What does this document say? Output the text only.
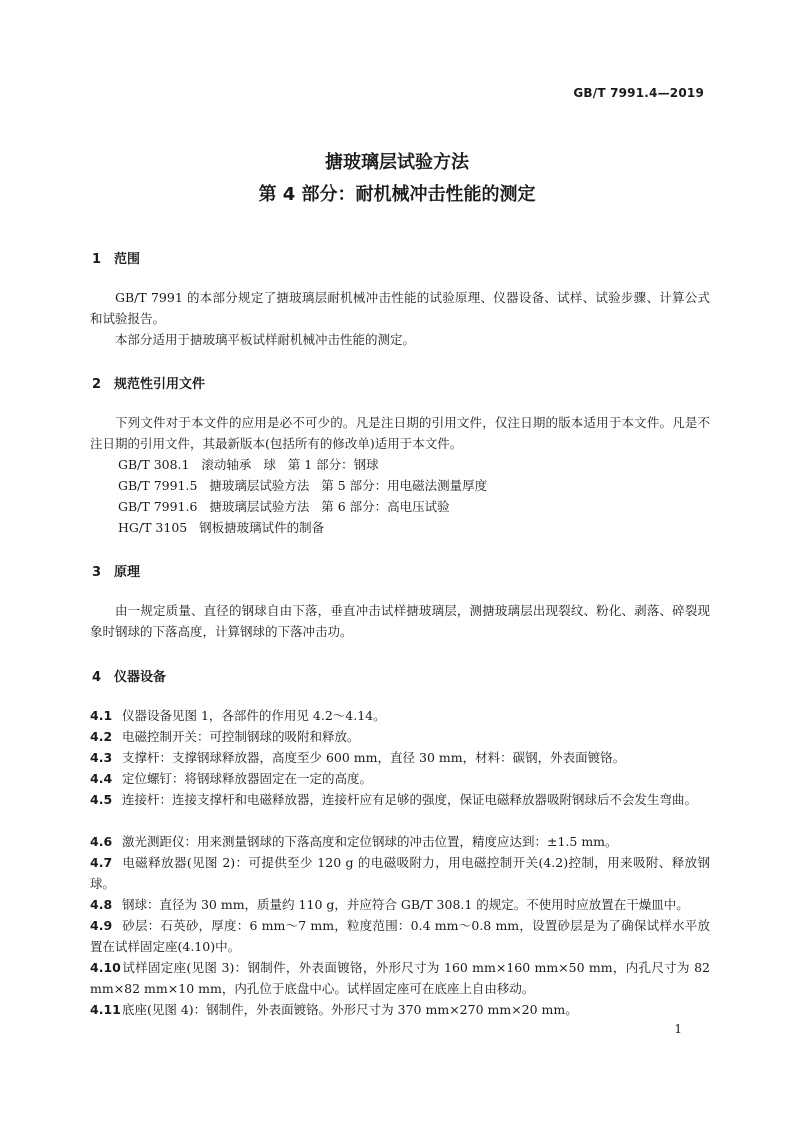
GB/T 7991.4—2019
搪玻璃层试验方法
第 4 部分：耐机械冲击性能的测定
1 范围
GB/T 7991 的本部分规定了搪玻璃层耐机械冲击性能的试验原理、仪器设备、试样、试验步骤、计算公式和试验报告。
本部分适用于搪玻璃平板试样耐机械冲击性能的测定。
2 规范性引用文件
下列文件对于本文件的应用是必不可少的。凡是注日期的引用文件，仅注日期的版本适用于本文件。凡是不注日期的引用文件，其最新版本(包括所有的修改单)适用于本文件。
GB/T 308.1   滚动轴承   球   第 1 部分：钢球
GB/T 7991.5   搪玻璃层试验方法   第 5 部分：用电磁法测量厚度
GB/T 7991.6   搪玻璃层试验方法   第 6 部分：高电压试验
HG/T 3105   钢板搪玻璃试件的制备
3 原理
由一规定质量、直径的钢球自由下落，垂直冲击试样搪玻璃层，测搪玻璃层出现裂纹、粉化、剥落、碎裂现象时钢球的下落高度，计算钢球的下落冲击功。
4 仪器设备
4.1 仪器设备见图 1，各部件的作用见 4.2～4.14。
4.2 电磁控制开关：可控制钢球的吸附和释放。
4.3 支撑杆：支撑钢球释放器，高度至少 600 mm，直径 30 mm，材料：碳钢，外表面镀铬。
4.4 定位螺钉：将钢球释放器固定在一定的高度。
4.5 连接杆：连接支撑杆和电磁释放器，连接杆应有足够的强度，保证电磁释放器吸附钢球后不会发生弯曲。
4.6 激光测距仪：用来测量钢球的下落高度和定位钢球的冲击位置，精度应达到：±1.5 mm。
4.7 电磁释放器(见图 2)：可提供至少 120 g 的电磁吸附力，用电磁控制开关(4.2)控制，用来吸附、释放钢球。
4.8 钢球：直径为 30 mm，质量约 110 g，并应符合 GB/T 308.1 的规定。不使用时应放置在干燥皿中。
4.9 砂层：石英砂，厚度：6 mm～7 mm，粒度范围：0.4 mm～0.8 mm，设置砂层是为了确保试样水平放置在试样固定座(4.10)中。
4.10试样固定座(见图 3)：钢制件，外表面镀铬，外形尺寸为 160 mm×160 mm×50 mm，内孔尺寸为 82 mm×82 mm×10 mm，内孔位于底盘中心。试样固定座可在底座上自由移动。
4.11底座(见图 4)：钢制件，外表面镀铬。外形尺寸为 370 mm×270 mm×20 mm。
1
